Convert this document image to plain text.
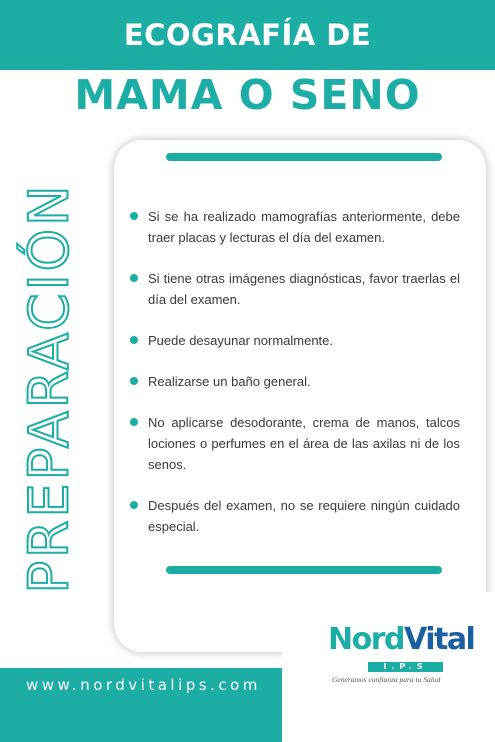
ECOGRAFÍA DE
MAMA O SENO
PREPARACIÓN	Si se ha realizado mamografías anteriormente, debe traer placas y lecturas el día del examen.
Si tiene otras imágenes diagnósticas, favor traerlas el día del examen.
Puede desayunar normalmente.
Realizarse un baño general.
No aplicarse desodorante, crema de manos, talcos lociones o perfumes en el área de las axilas ni de los senos.
Después del examen, no se requiere ningún cuidado especial.
www.nordvitalips.com
NordVital
I.P.S
Generamos confianza para tu Salud
